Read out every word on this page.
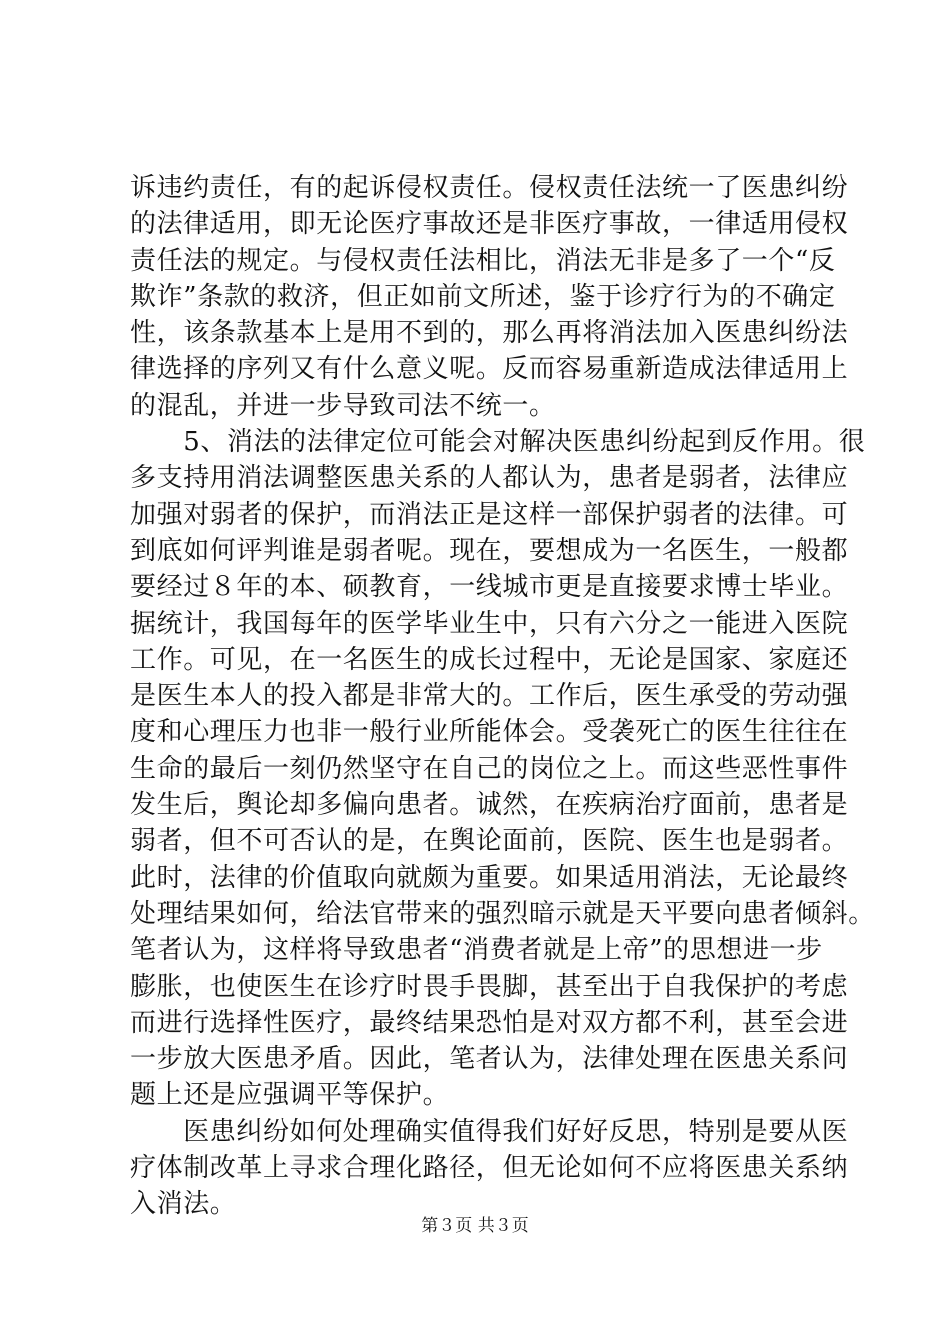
诉违约责任，有的起诉侵权责任。侵权责任法统一了医患纠纷
的法律适用，即无论医疗事故还是非医疗事故，一律适用侵权
责任法的规定。与侵权责任法相比，消法无非是多了一个“反
欺诈”条款的救济，但正如前文所述，鉴于诊疗行为的不确定
性，该条款基本上是用不到的，那么再将消法加入医患纠纷法
律选择的序列又有什么意义呢。反而容易重新造成法律适用上
的混乱，并进一步导致司法不统一。
　　5、消法的法律定位可能会对解决医患纠纷起到反作用。很
多支持用消法调整医患关系的人都认为，患者是弱者，法律应
加强对弱者的保护，而消法正是这样一部保护弱者的法律。可
到底如何评判谁是弱者呢。现在，要想成为一名医生，一般都
要经过８年的本、硕教育，一线城市更是直接要求博士毕业。
据统计，我国每年的医学毕业生中，只有六分之一能进入医院
工作。可见，在一名医生的成长过程中，无论是国家、家庭还
是医生本人的投入都是非常大的。工作后，医生承受的劳动强
度和心理压力也非一般行业所能体会。受袭死亡的医生往往在
生命的最后一刻仍然坚守在自己的岗位之上。而这些恶性事件
发生后，舆论却多偏向患者。诚然，在疾病治疗面前，患者是
弱者，但不可否认的是，在舆论面前，医院、医生也是弱者。
此时，法律的价值取向就颇为重要。如果适用消法，无论最终
处理结果如何，给法官带来的强烈暗示就是天平要向患者倾斜。
笔者认为，这样将导致患者“消费者就是上帝”的思想进一步
膨胀，也使医生在诊疗时畏手畏脚，甚至出于自我保护的考虑
而进行选择性医疗，最终结果恐怕是对双方都不利，甚至会进
一步放大医患矛盾。因此，笔者认为，法律处理在医患关系问
题上还是应强调平等保护。
　　医患纠纷如何处理确实值得我们好好反思，特别是要从医
疗体制改革上寻求合理化路径，但无论如何不应将医患关系纳
入消法。
第３页 共３页
